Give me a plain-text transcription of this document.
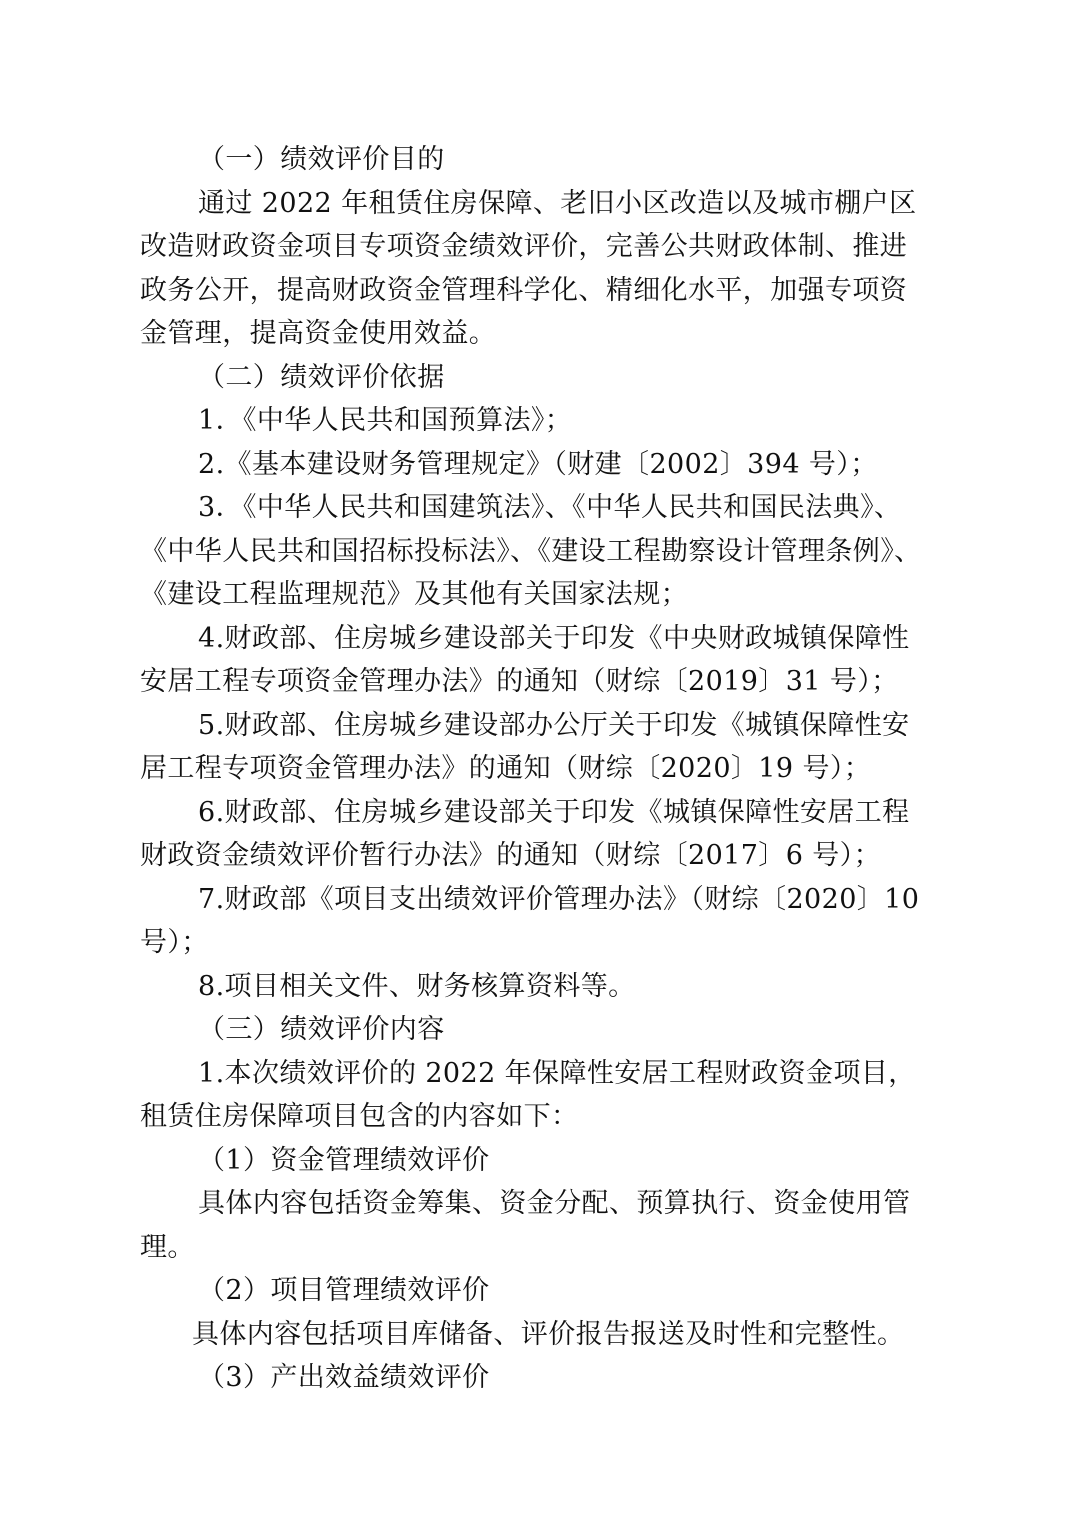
（一）绩效评价目的
通过 2022 年租赁住房保障、老旧小区改造以及城市棚户区
改造财政资金项目专项资金绩效评价，完善公共财政体制、推进
政务公开，提高财政资金管理科学化、精细化水平，加强专项资
金管理，提高资金使用效益。
（二）绩效评价依据
1．《中华人民共和国预算法》；
2.《基本建设财务管理规定》（财建〔2002〕394 号）；
3．《中华人民共和国建筑法》、《中华人民共和国民法典》、
《中华人民共和国招标投标法》、《建设工程勘察设计管理条例》、
《建设工程监理规范》及其他有关国家法规；
4.财政部、住房城乡建设部关于印发《中央财政城镇保障性
安居工程专项资金管理办法》的通知（财综〔2019〕31 号）；
5.财政部、住房城乡建设部办公厅关于印发《城镇保障性安
居工程专项资金管理办法》的通知（财综〔2020〕19 号）；
6.财政部、住房城乡建设部关于印发《城镇保障性安居工程
财政资金绩效评价暂行办法》的通知（财综〔2017〕6 号）；
7.财政部《项目支出绩效评价管理办法》（财综〔2020〕10
号）；
8.项目相关文件、财务核算资料等。
（三）绩效评价内容
1.本次绩效评价的 2022 年保障性安居工程财政资金项目，
租赁住房保障项目包含的内容如下：
（1）资金管理绩效评价
具体内容包括资金筹集、资金分配、预算执行、资金使用管
理。
（2）项目管理绩效评价
具体内容包括项目库储备、评价报告报送及时性和完整性。
（3）产出效益绩效评价
